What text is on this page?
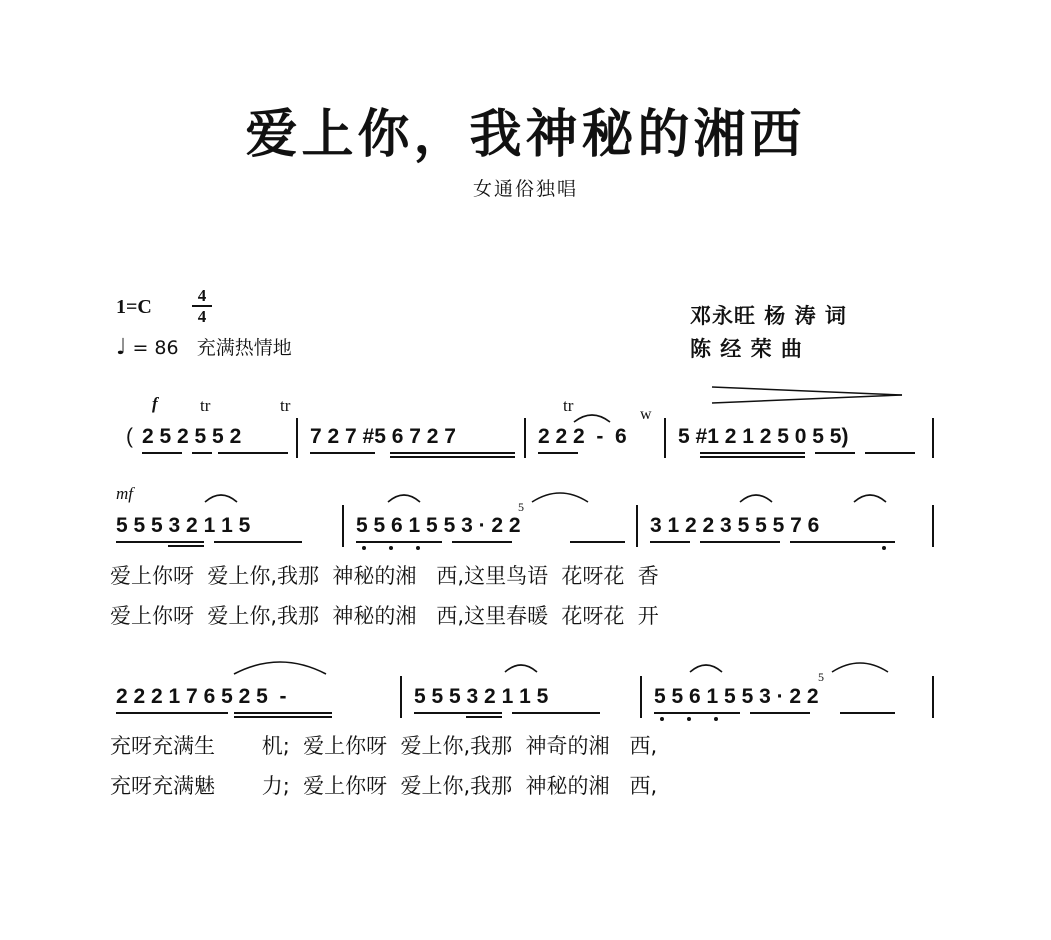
爱上你，我神秘的湘西
女通俗独唱
1=C
4
4
♩ = 86 充满热情地
邓永旺 杨 涛 词
陈 经 荣 曲
f tr	tr	tr	ᴡ
( 2 5 2 5 5 2	7 2 7 #5 6 7 2 7	2 2 2  -  6 5 #1 2 1 2 5 0 5 5)
mf
5
5 5 5 3 2 1 1 5	5 5 6 1 5 5 3 · 2 2	3 1 2 2 3 5 5 5 7 6
爱上你呀  爱上你,我那  神秘的湘   西,这里鸟语  花呀花  香
爱上你呀  爱上你,我那  神秘的湘   西,这里春暖  花呀花  开
5
2 2 2 1 7 6 5 2 5  -	5 5 5 3 2 1 1 5	5 5 6 1 5 5 3 · 2 2
充呀充满生       机;  爱上你呀  爱上你,我那  神奇的湘   西,
充呀充满魅       力;  爱上你呀  爱上你,我那  神秘的湘   西,
